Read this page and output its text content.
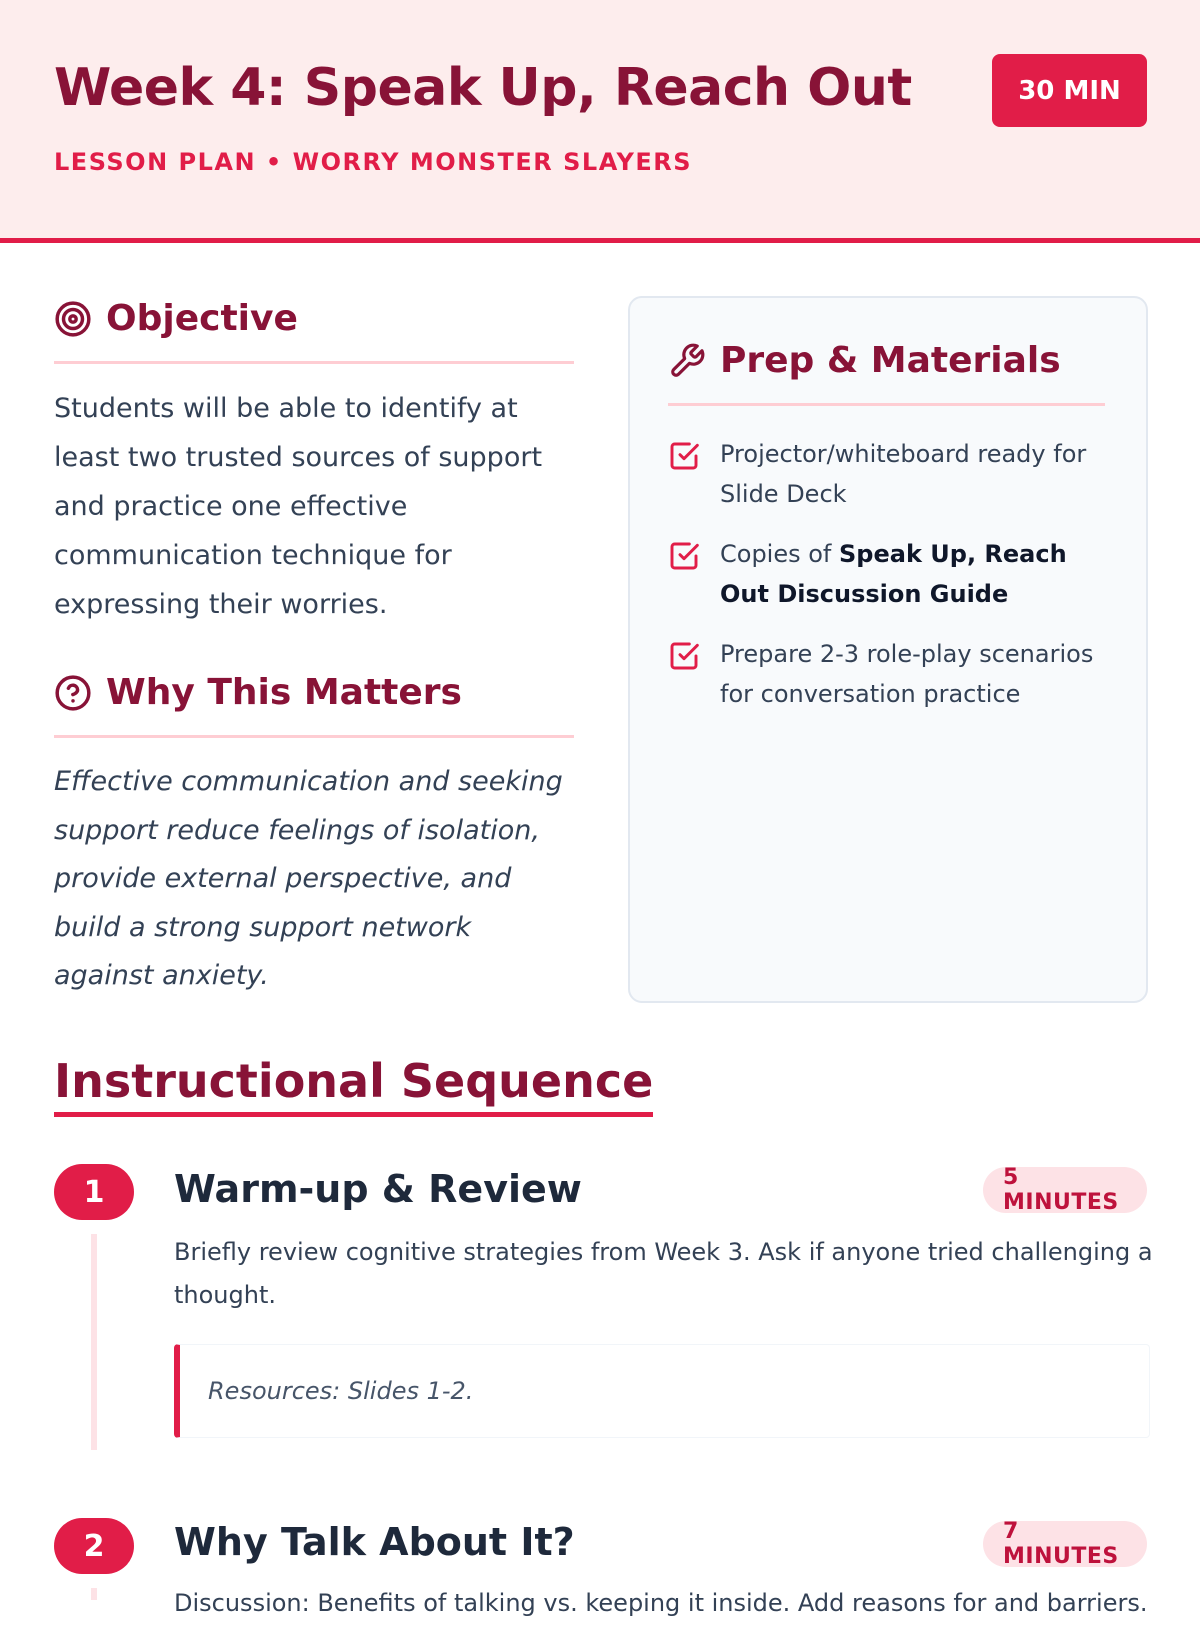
Week 4: Speak Up, Reach Out
LESSON PLAN • WORRY MONSTER SLAYERS
30 MIN
Objective
Students will be able to identify at least two trusted sources of support and practice one effective communication technique for expressing their worries.
Why This Matters
Effective communication and seeking support reduce feelings of isolation, provide external perspective, and build a strong support network against anxiety.
Prep & Materials
Projector/whiteboard ready for Slide Deck
Copies of Speak Up, Reach Out Discussion Guide
Prepare 2-3 role-play scenarios for conversation practice
Instructional Sequence
1	Warm-up & Review	5 MINUTES
Briefly review cognitive strategies from Week 3. Ask if anyone tried challenging a thought.
Resources: Slides 1-2.
2	Why Talk About It?	7 MINUTES
Discussion: Benefits of talking vs. keeping it inside. Add reasons for and barriers.
